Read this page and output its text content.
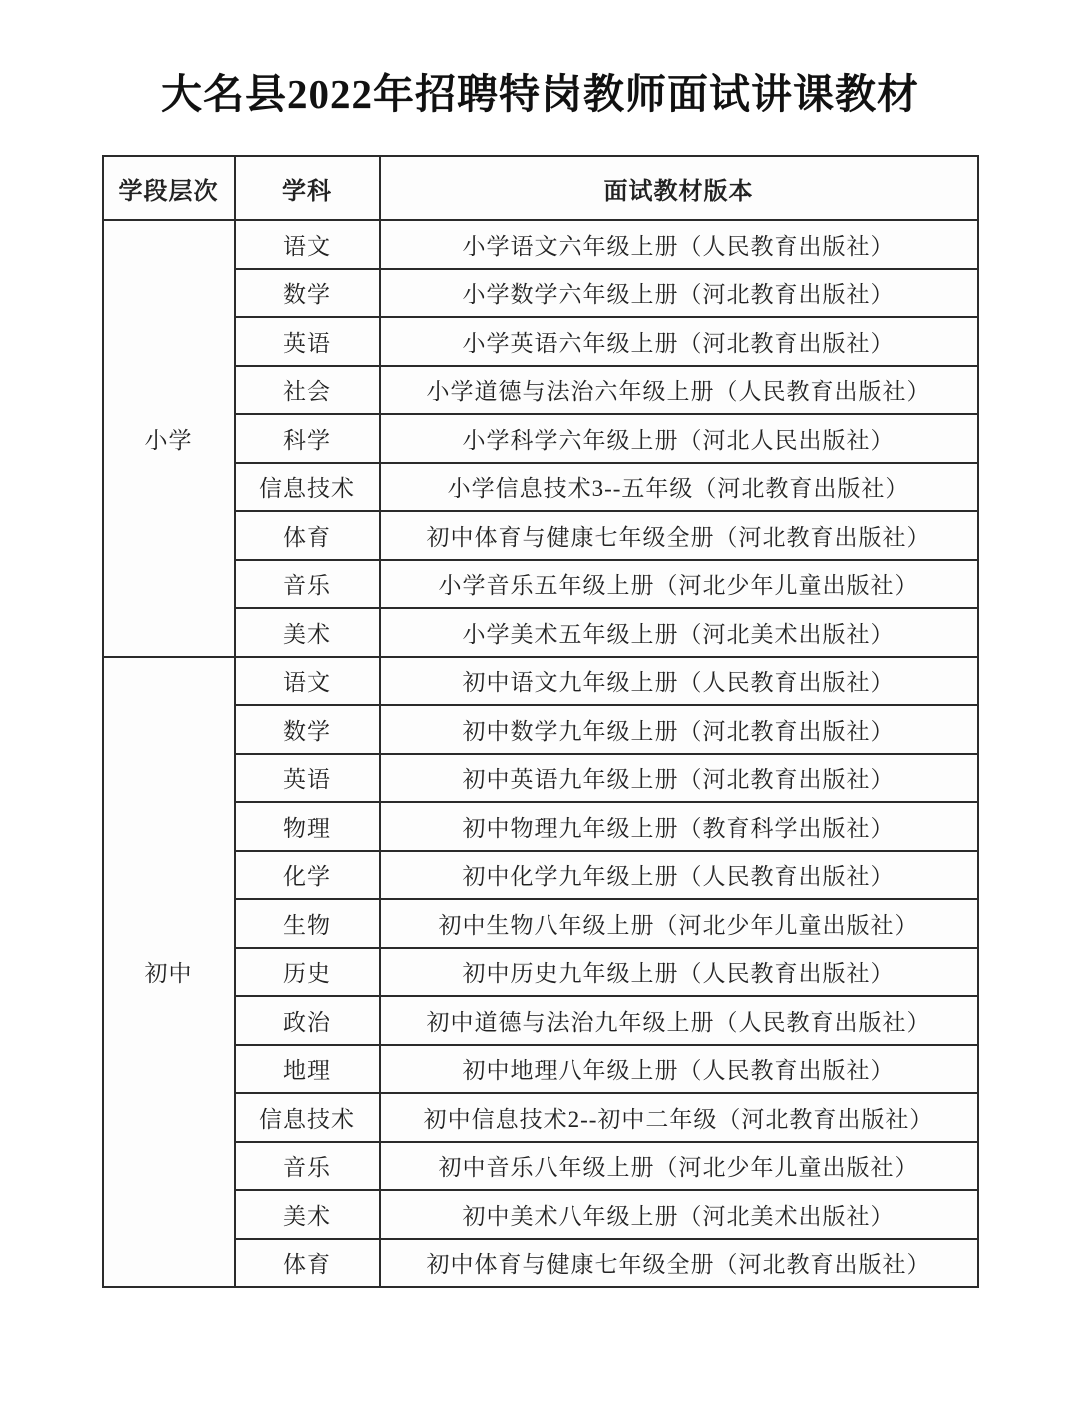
大名县2022年招聘特岗教师面试讲课教材
学段层次	学科	面试教材版本
小学	语文	小学语文六年级上册（人民教育出版社）
	数学	小学数学六年级上册（河北教育出版社）
	英语	小学英语六年级上册（河北教育出版社）
	社会	小学道德与法治六年级上册（人民教育出版社）
	科学	小学科学六年级上册（河北人民出版社）
	信息技术	小学信息技术3--五年级（河北教育出版社）
	体育	初中体育与健康七年级全册（河北教育出版社）
	音乐	小学音乐五年级上册（河北少年儿童出版社）
	美术	小学美术五年级上册（河北美术出版社）
初中	语文	初中语文九年级上册（人民教育出版社）
	数学	初中数学九年级上册（河北教育出版社）
	英语	初中英语九年级上册（河北教育出版社）
	物理	初中物理九年级上册（教育科学出版社）
	化学	初中化学九年级上册（人民教育出版社）
	生物	初中生物八年级上册（河北少年儿童出版社）
	历史	初中历史九年级上册（人民教育出版社）
	政治	初中道德与法治九年级上册（人民教育出版社）
	地理	初中地理八年级上册（人民教育出版社）
	信息技术	初中信息技术2--初中二年级（河北教育出版社）
	音乐	初中音乐八年级上册（河北少年儿童出版社）
	美术	初中美术八年级上册（河北美术出版社）
	体育	初中体育与健康七年级全册（河北教育出版社）
